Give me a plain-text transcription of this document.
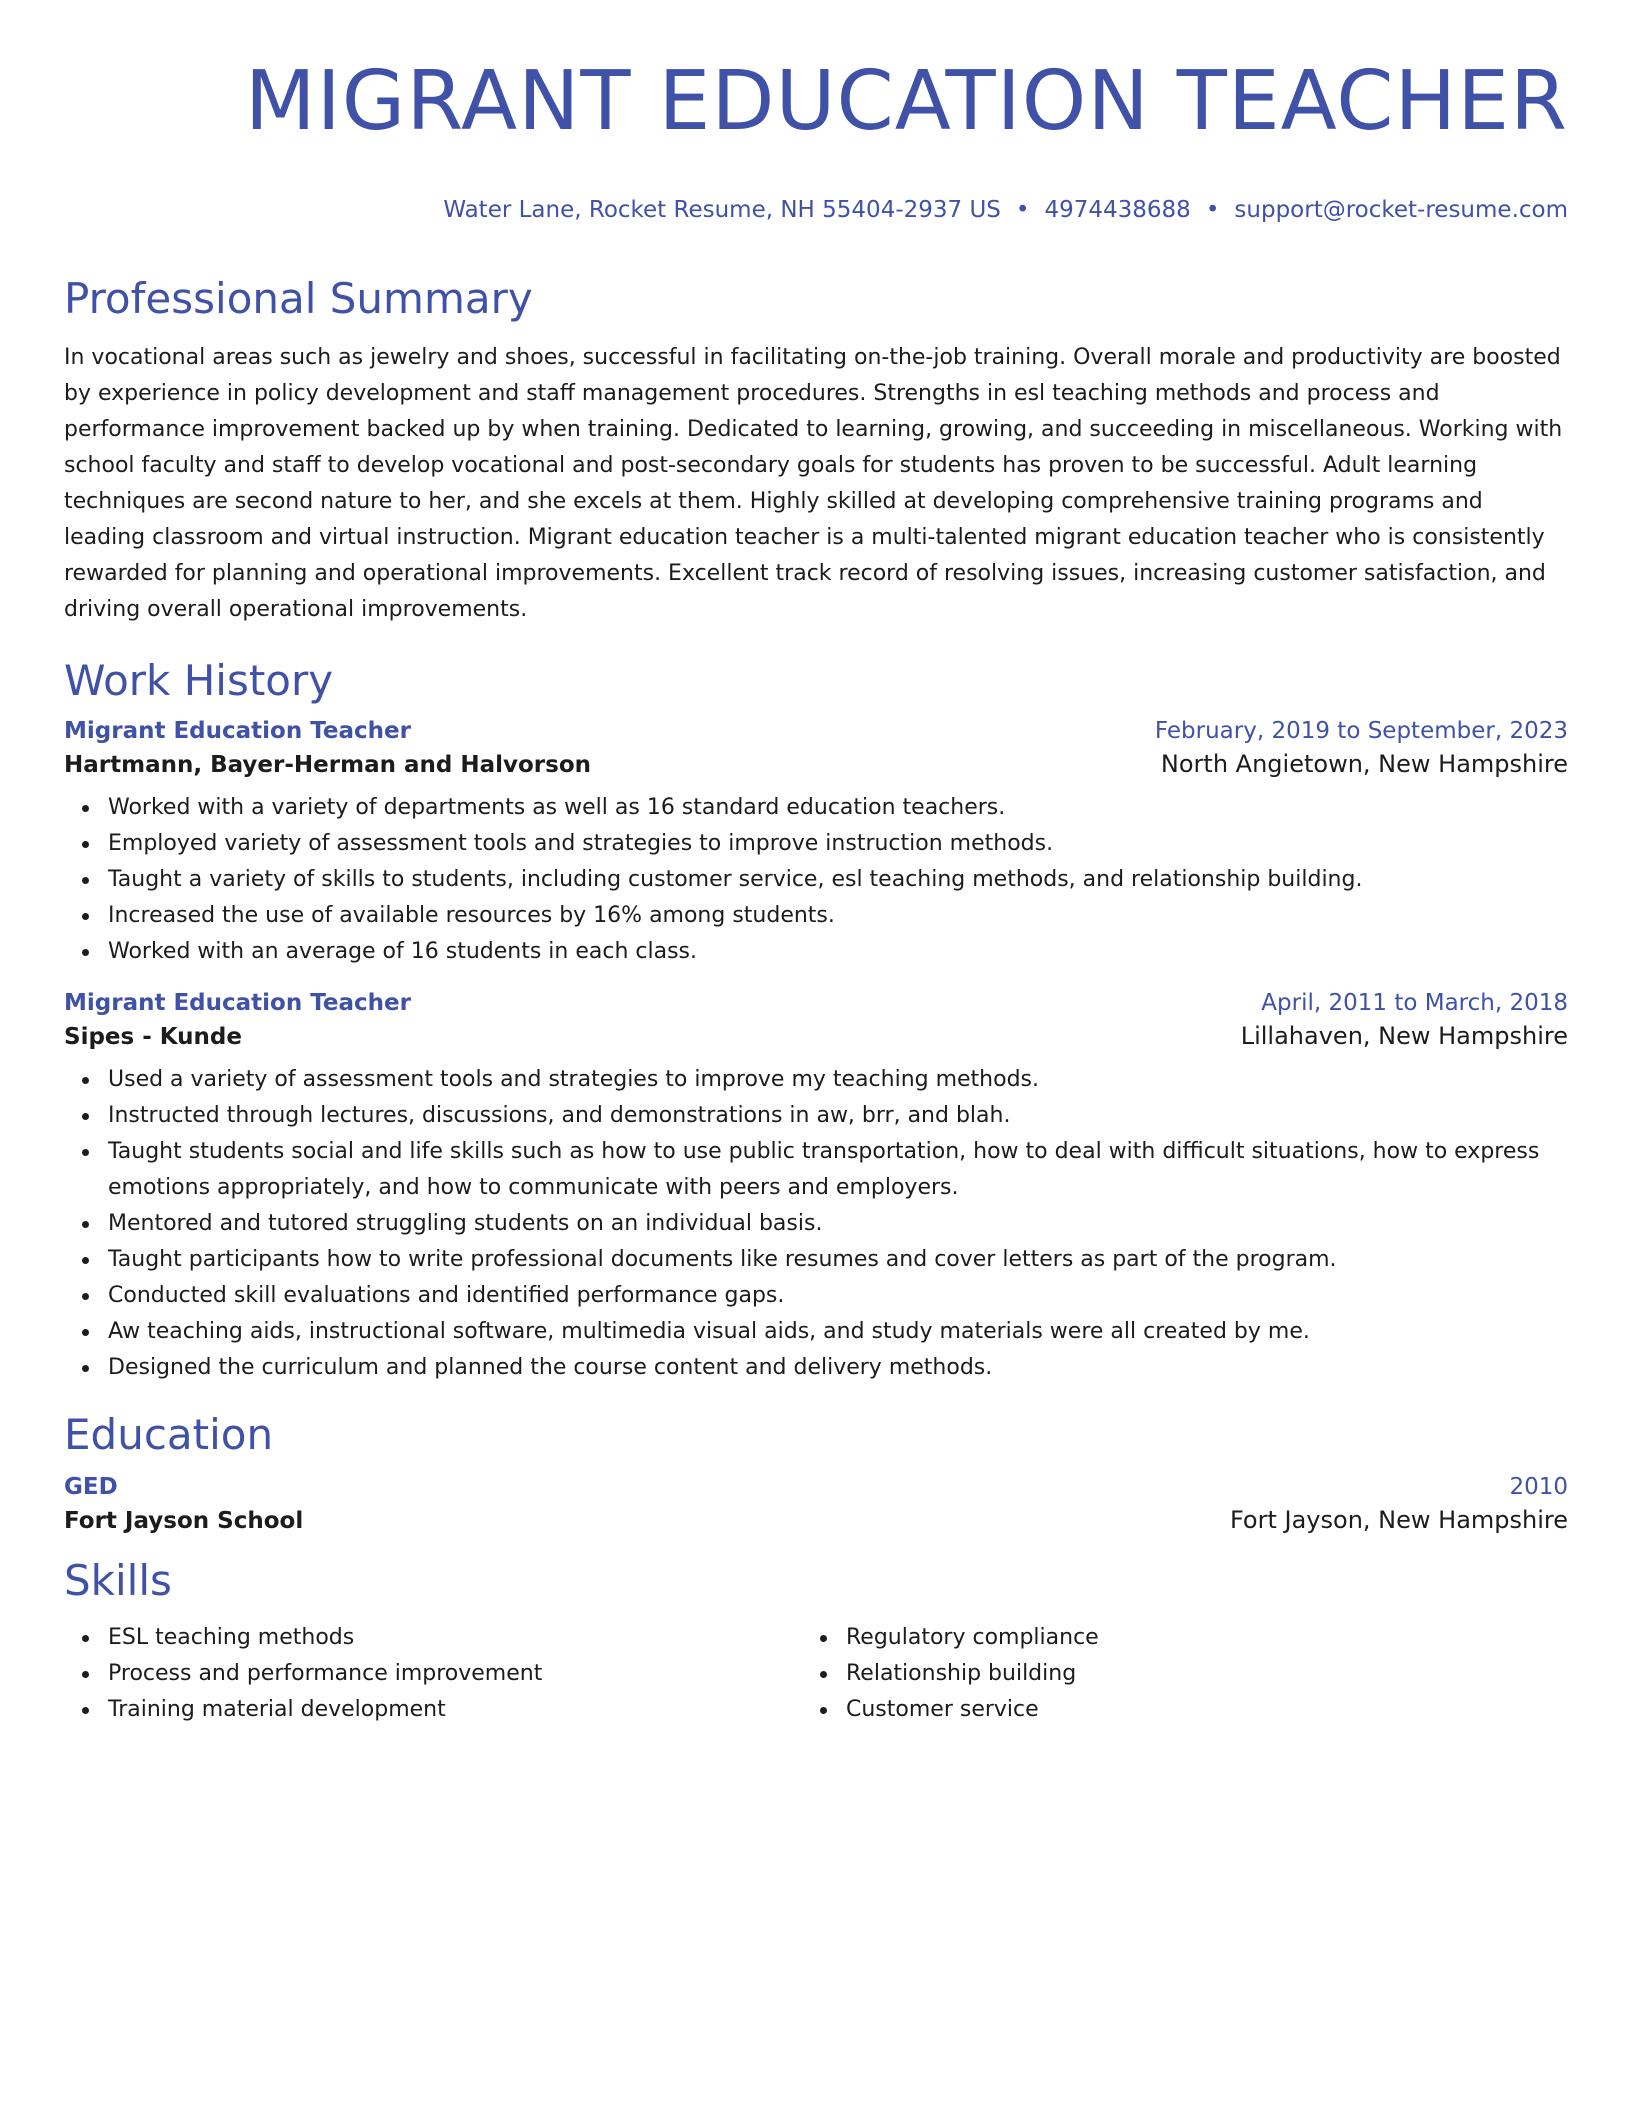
MIGRANT EDUCATION TEACHER
Water Lane, Rocket Resume, NH 55404-2937 US • 4974438688 • support@rocket-resume.com
Professional Summary

In vocational areas such as jewelry and shoes, successful in facilitating on-the-job training. Overall morale and productivity are boosted by experience in policy development and staff management procedures. Strengths in esl teaching methods and process and performance improvement backed up by when training. Dedicated to learning, growing, and succeeding in miscellaneous. Working with school faculty and staff to develop vocational and post-secondary goals for students has proven to be successful. Adult learning techniques are second nature to her, and she excels at them. Highly skilled at developing comprehensive training programs and leading classroom and virtual instruction. Migrant education teacher is a multi-talented migrant education teacher who is consistently rewarded for planning and operational improvements. Excellent track record of resolving issues, increasing customer satisfaction, and driving overall operational improvements.

Work History
Migrant Education Teacher	February, 2019 to September, 2023
Hartmann, Bayer-Herman and Halvorson	North Angietown, New Hampshire
Worked with a variety of departments as well as 16 standard education teachers.
Employed variety of assessment tools and strategies to improve instruction methods.
Taught a variety of skills to students, including customer service, esl teaching methods, and relationship building.
Increased the use of available resources by 16% among students.
Worked with an average of 16 students in each class.
Migrant Education Teacher	April, 2011 to March, 2018
Sipes - Kunde	Lillahaven, New Hampshire
Used a variety of assessment tools and strategies to improve my teaching methods.
Instructed through lectures, discussions, and demonstrations in aw, brr, and blah.
Taught students social and life skills such as how to use public transportation, how to deal with difficult situations, how to express emotions appropriately, and how to communicate with peers and employers.
Mentored and tutored struggling students on an individual basis.
Taught participants how to write professional documents like resumes and cover letters as part of the program.
Conducted skill evaluations and identified performance gaps.
Aw teaching aids, instructional software, multimedia visual aids, and study materials were all created by me.
Designed the curriculum and planned the course content and delivery methods.
Education
GED	2010
Fort Jayson School	Fort Jayson, New Hampshire
Skills
ESL teaching methods
Process and performance improvement
Training material development
Regulatory compliance
Relationship building
Customer service
